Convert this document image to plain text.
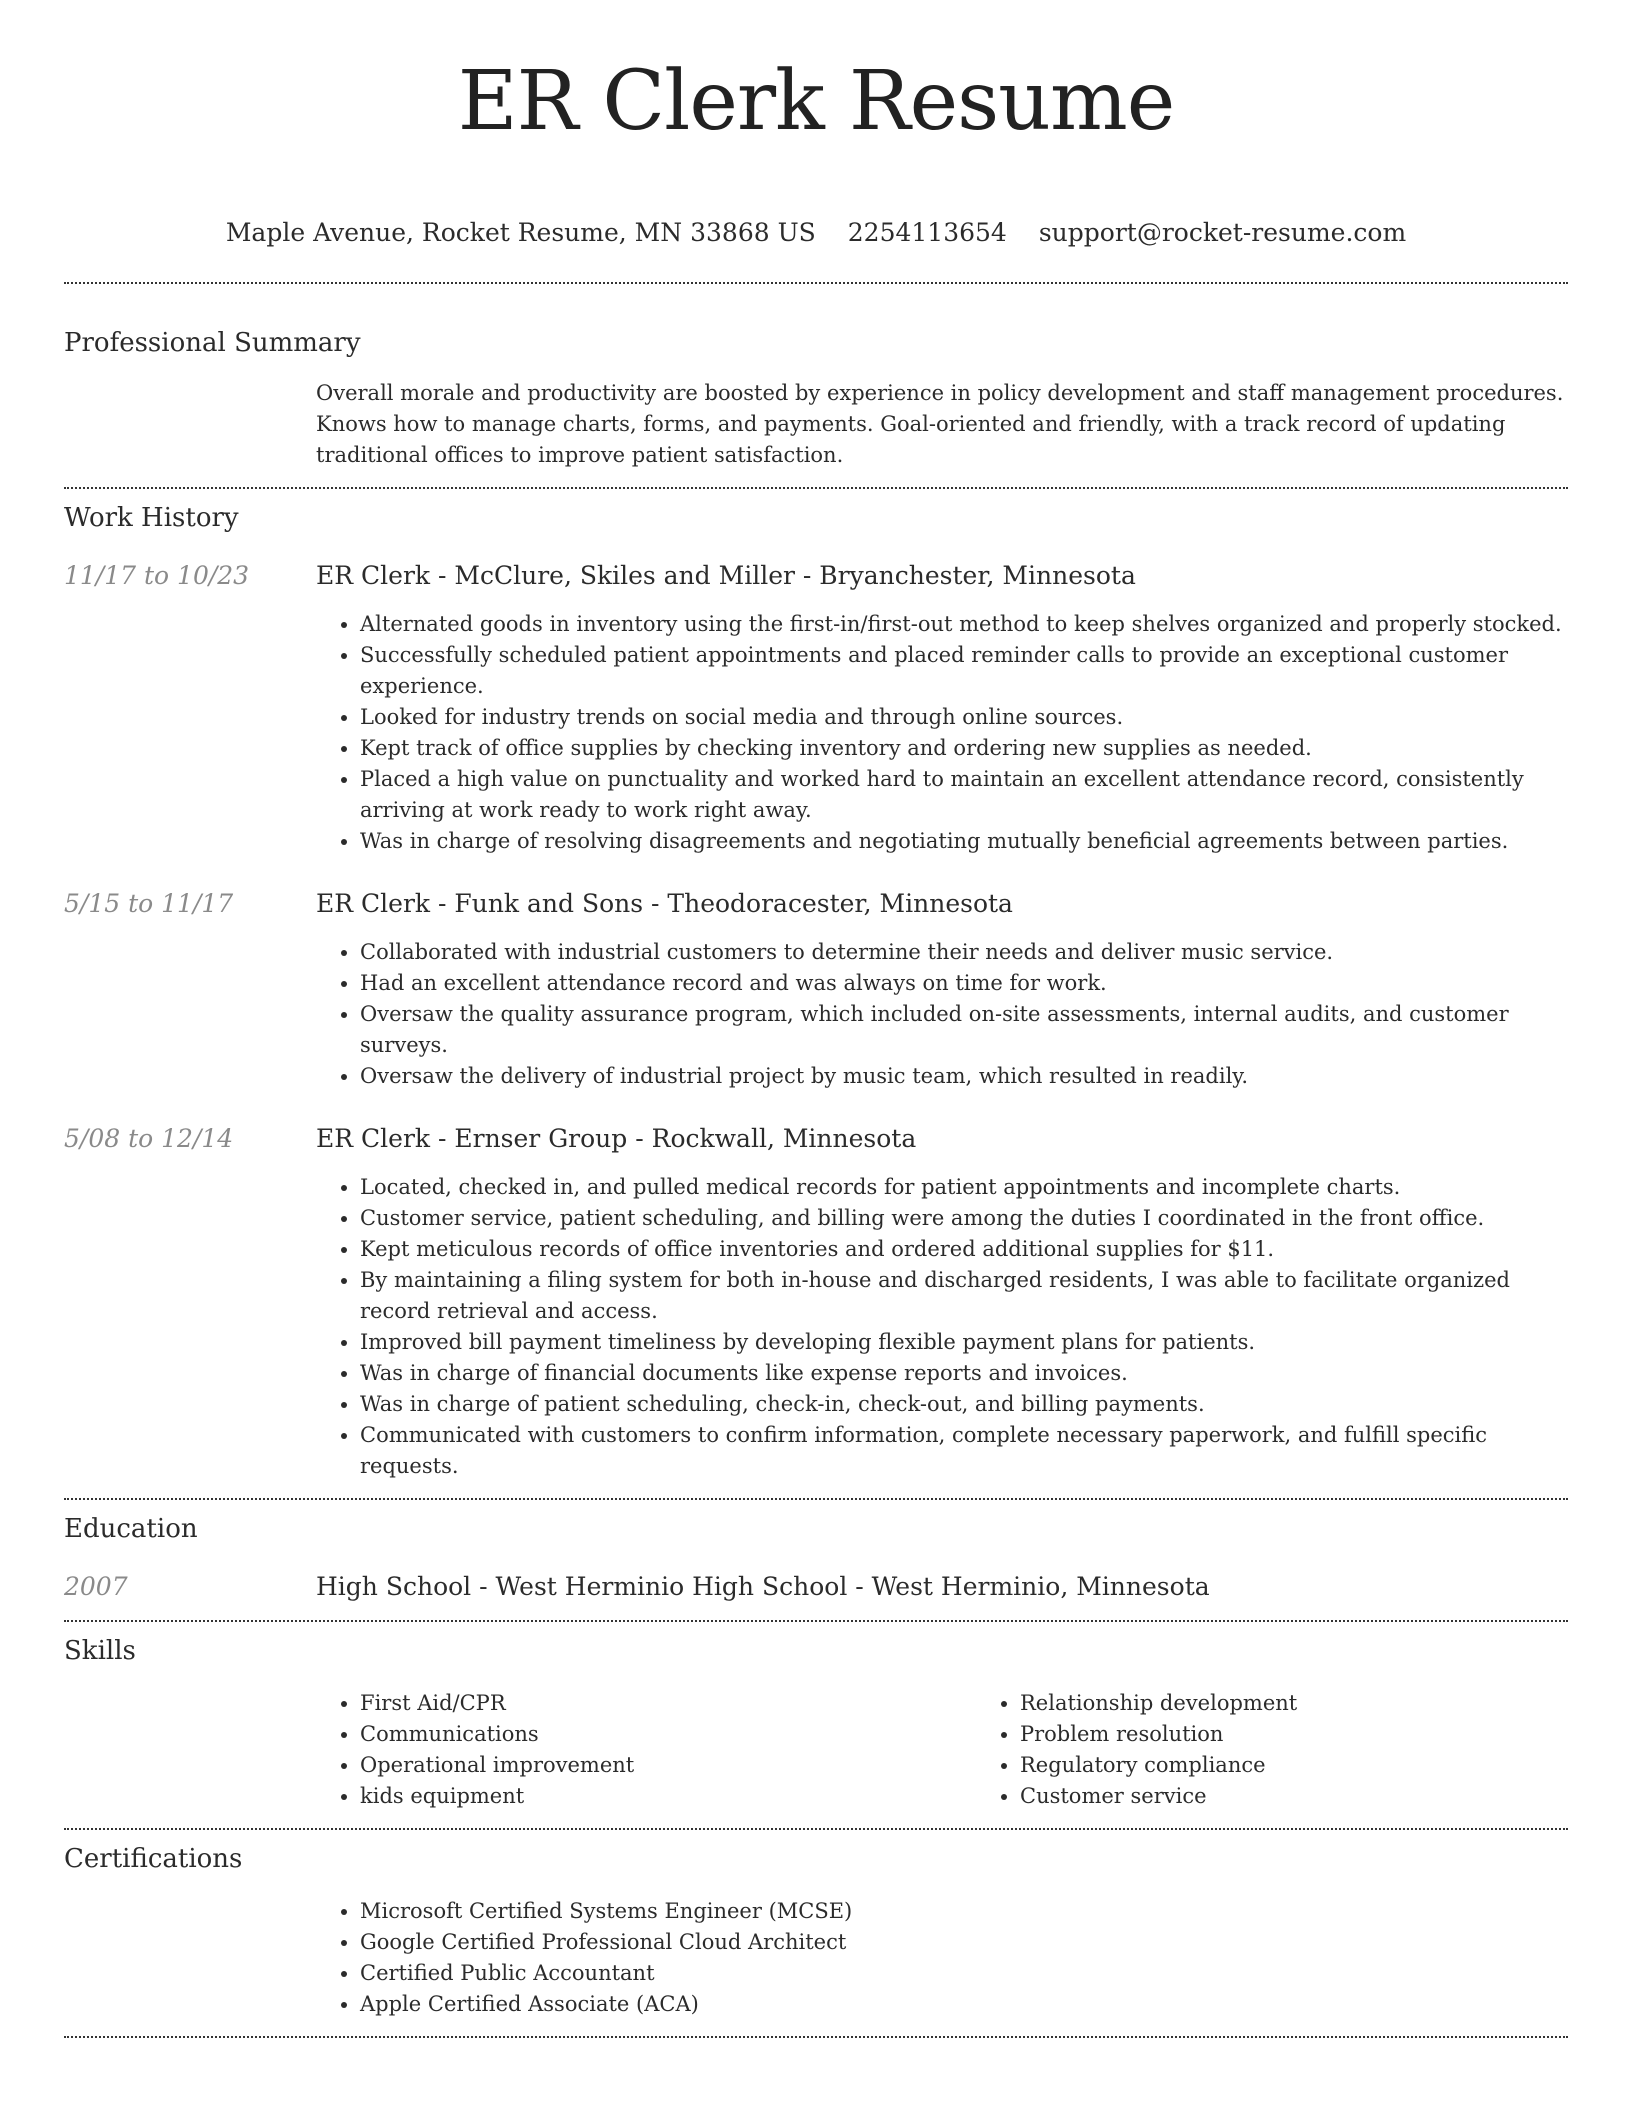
ER Clerk Resume
Maple Avenue, Rocket Resume, MN 33868 US 2254113654 support@rocket-resume.com
Professional Summary

Overall morale and productivity are boosted by experience in policy development and staff management procedures. Knows how to manage charts, forms, and payments. Goal-oriented and friendly, with a track record of updating traditional offices to improve patient satisfaction.

Work History
11/17 to 10/23	ER Clerk - McClure, Skiles and Miller - Bryanchester, Minnesota
• Alternated goods in inventory using the first-in/first-out method to keep shelves organized and properly stocked.
• Successfully scheduled patient appointments and placed reminder calls to provide an exceptional customer experience.
• Looked for industry trends on social media and through online sources.
• Kept track of office supplies by checking inventory and ordering new supplies as needed.
• Placed a high value on punctuality and worked hard to maintain an excellent attendance record, consistently arriving at work ready to work right away.
• Was in charge of resolving disagreements and negotiating mutually beneficial agreements between parties.
5/15 to 11/17	ER Clerk - Funk and Sons - Theodoracester, Minnesota
• Collaborated with industrial customers to determine their needs and deliver music service.
• Had an excellent attendance record and was always on time for work.
• Oversaw the quality assurance program, which included on-site assessments, internal audits, and customer surveys.
• Oversaw the delivery of industrial project by music team, which resulted in readily.
5/08 to 12/14	ER Clerk - Ernser Group - Rockwall, Minnesota
• Located, checked in, and pulled medical records for patient appointments and incomplete charts.
• Customer service, patient scheduling, and billing were among the duties I coordinated in the front office.
• Kept meticulous records of office inventories and ordered additional supplies for $11.
• By maintaining a filing system for both in-house and discharged residents, I was able to facilitate organized record retrieval and access.
• Improved bill payment timeliness by developing flexible payment plans for patients.
• Was in charge of financial documents like expense reports and invoices.
• Was in charge of patient scheduling, check-in, check-out, and billing payments.
• Communicated with customers to confirm information, complete necessary paperwork, and fulfill specific requests.
Education
2007	High School - West Herminio High School - West Herminio, Minnesota
Skills
• First Aid/CPR
• Communications
• Operational improvement
• kids equipment
• Relationship development
• Problem resolution
• Regulatory compliance
• Customer service
Certifications
• Microsoft Certified Systems Engineer (MCSE)
• Google Certified Professional Cloud Architect
• Certified Public Accountant
• Apple Certified Associate (ACA)
